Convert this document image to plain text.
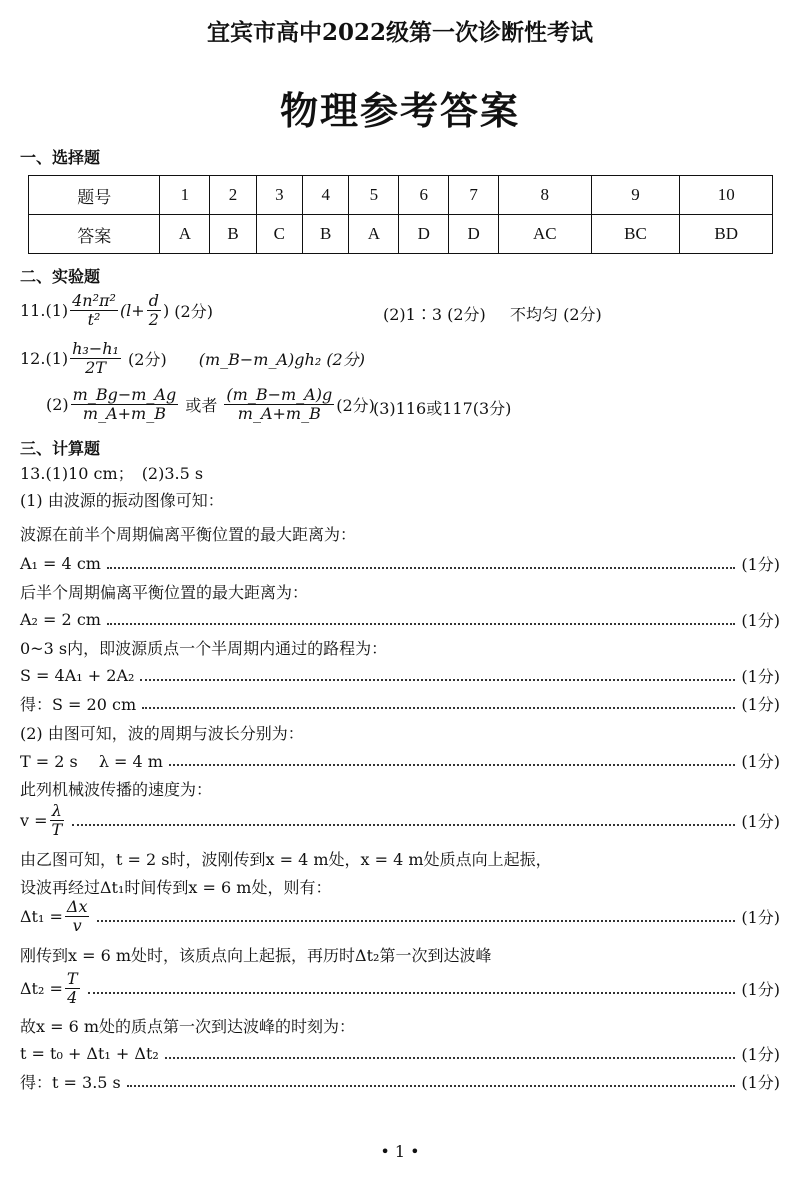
宜宾市高中2022级第一次诊断性考试
物理参考答案
一、选择题
题号	1	2	3	4	5	6	7	8	9	10
答案	A	B	C	B	A	D	D	AC	BC	BD
二、实验题
$11.(1) \frac{\text{4n²π²}}{\text{t²}} (l+ \frac{d}{2}$ )
(2分)	(2)1∶3 (2分) 不均匀 (2分)
$12.(1) \frac{\text{h₃−h₁}}{2T}$
(2分) (m_B−m_A)gh₂ (2分)
$(2) \frac{m\_Bg-m\_Ag}{m\_A+m\_B}$
或者
$\frac{(m\_B-m\_A)g}{m\_A+m\_B} (2$分)
(3)116或117(3分)
三、计算题
13.(1)10 cm；　(2)3.5 s
(1) 由波源的振动图像可知：
波源在前半个周期偏离平衡位置的最大距离为：
A₁ = 4 cm	(1分)
后半个周期偏离平衡位置的最大距离为：
A₂ = 2 cm	(1分)
0~3 s内，即波源质点一个半周期内通过的路程为：
S = 4A₁ + 2A₂	(1分)
得：S = 20 cm	(1分)
(2) 由图可知，波的周期与波长分别为：
T = 2 s　 λ = 4 m	(1分)
此列机械波传播的速度为：
$v = \frac{\lambda}{T}$	(1分)
由乙图可知，t = 2 s时，波刚传到x = 4 m处，x = 4 m处质点向上起振，
设波再经过Δt₁时间传到x = 6 m处，则有：
$\Delta t_1 = \frac{\Delta x}{v}$	(1分)
刚传到x = 6 m处时，该质点向上起振，再历时Δt₂第一次到达波峰
$\Delta t_2 = \frac{T}{4}$	(1分)
故x = 6 m处的质点第一次到达波峰的时刻为：
t = t₀ + Δt₁ + Δt₂	(1分)
得：t = 3.5 s	(1分)
• 1 •
